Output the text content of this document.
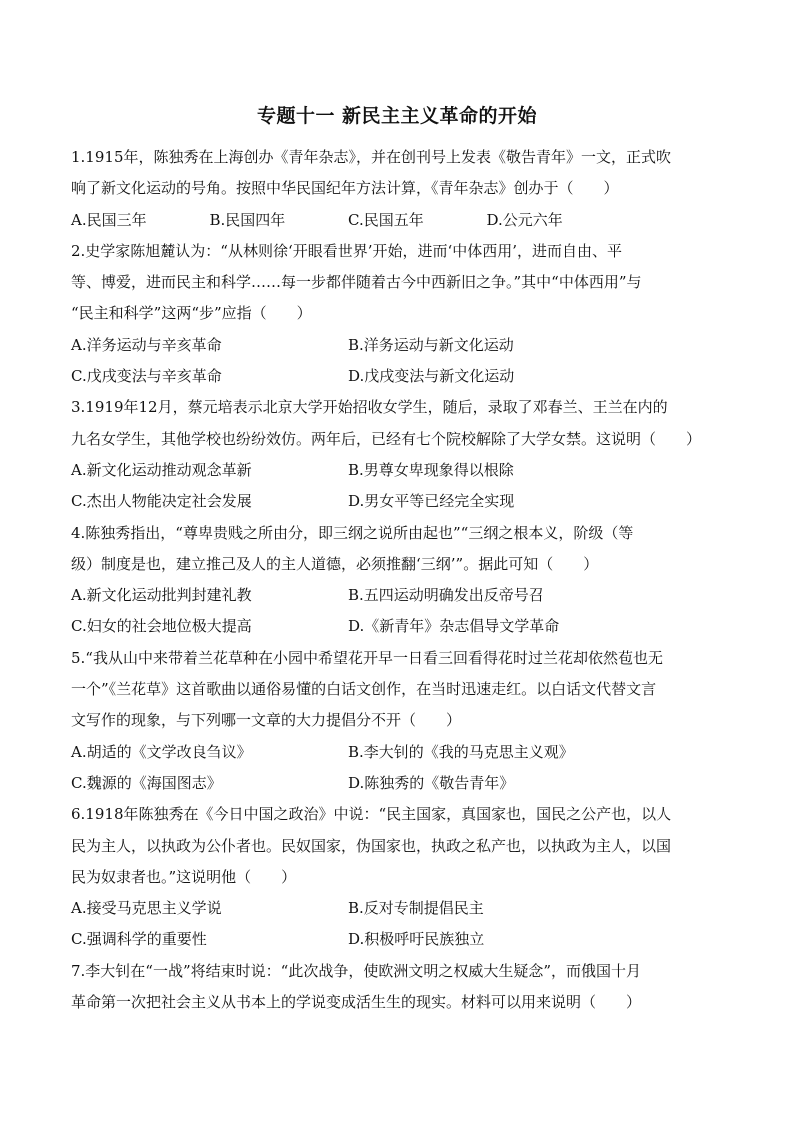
专题十一 新民主主义革命的开始
1.1915年，陈独秀在上海创办《青年杂志》，并在创刊号上发表《敬告青年》一文，正式吹
响了新文化运动的号角。按照中华民国纪年方法计算，《青年杂志》创办于（　　）
A.民国三年	B.民国四年	C.民国五年	D.公元六年
2.史学家陈旭麓认为：“从林则徐‘开眼看世界’开始，进而‘中体西用’，进而自由、平
等、博爱，进而民主和科学……每一步都伴随着古今中西新旧之争。”其中“中体西用”与
“民主和科学”这两“步”应指（　　）
A.洋务运动与辛亥革命	B.洋务运动与新文化运动
C.戊戌变法与辛亥革命	D.戊戌变法与新文化运动
3.1919年12月，蔡元培表示北京大学开始招收女学生，随后，录取了邓春兰、王兰在内的
九名女学生，其他学校也纷纷效仿。两年后，已经有七个院校解除了大学女禁。这说明（　　）
A.新文化运动推动观念革新	B.男尊女卑现象得以根除
C.杰出人物能决定社会发展	D.男女平等已经完全实现
4.陈独秀指出，“尊卑贵贱之所由分，即三纲之说所由起也”“三纲之根本义，阶级（等
级）制度是也，建立推己及人的主人道德，必须推翻‘三纲’”。据此可知（　　）
A.新文化运动批判封建礼教	B.五四运动明确发出反帝号召
C.妇女的社会地位极大提高	D.《新青年》杂志倡导文学革命
5.“我从山中来带着兰花草种在小园中希望花开早一日看三回看得花时过兰花却依然苞也无
一个”《兰花草》这首歌曲以通俗易懂的白话文创作，在当时迅速走红。以白话文代替文言
文写作的现象，与下列哪一文章的大力提倡分不开（　　）
A.胡适的《文学改良刍议》	B.李大钊的《我的马克思主义观》
C.魏源的《海国图志》	D.陈独秀的《敬告青年》
6.1918年陈独秀在《今日中国之政治》中说：“民主国家，真国家也，国民之公产也，以人
民为主人，以执政为公仆者也。民奴国家，伪国家也，执政之私产也，以执政为主人，以国
民为奴隶者也。”这说明他（　　）
A.接受马克思主义学说	B.反对专制提倡民主
C.强调科学的重要性	D.积极呼吁民族独立
7.李大钊在“一战”将结束时说：“此次战争，使欧洲文明之权威大生疑念”，而俄国十月
革命第一次把社会主义从书本上的学说变成活生生的现实。材料可以用来说明（　　）
